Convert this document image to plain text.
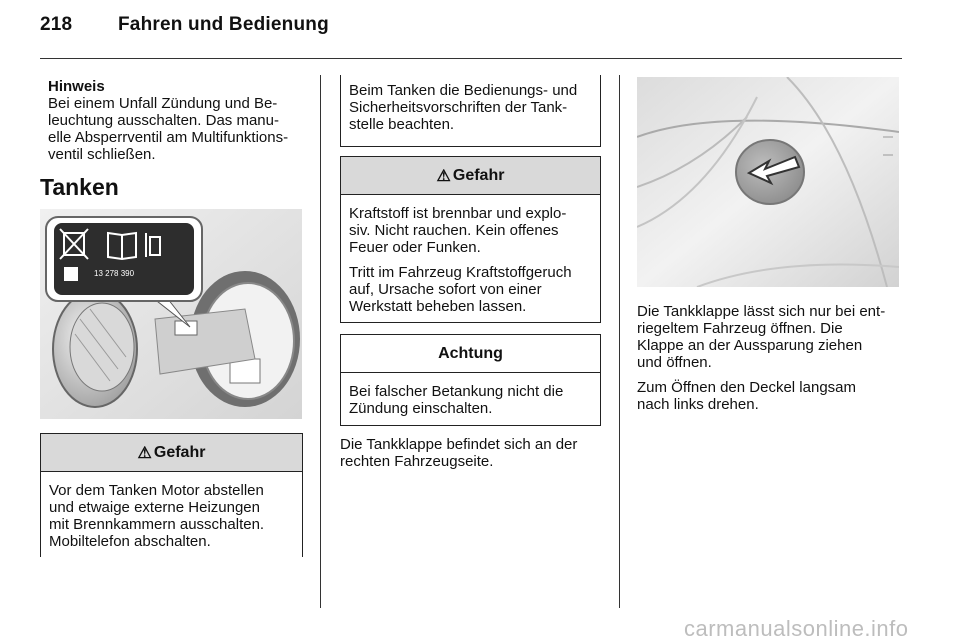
218 Fahren und Bedienung

Hinweis

Bei einem Unfall Zündung und Be-

leuchtung ausschalten. Das manu-

elle Absperrventil am Multifunktions-

ventil schließen.

Tanken
13 278 390
⚠ Gefahr

Vor dem Tanken Motor abstellen
und etwaige externe Heizungen
mit Brennkammern ausschalten.
Mobiltelefon abschalten.

Beim Tanken die Bedienungs- und
Sicherheitsvorschriften der Tank-
stelle beachten.

⚠ Gefahr

Kraftstoff ist brennbar und explo-
siv. Nicht rauchen. Kein offenes
Feuer oder Funken.

Tritt im Fahrzeug Kraftstoffgeruch
auf, Ursache sofort von einer
Werkstatt beheben lassen.

Achtung

Bei falscher Betankung nicht die
Zündung einschalten.

Die Tankklappe befindet sich an der

rechten Fahrzeugseite.

Die Tankklappe lässt sich nur bei ent-

riegeltem Fahrzeug öffnen. Die

Klappe an der Aussparung ziehen

und öffnen.

Zum Öffnen den Deckel langsam

nach links drehen.

carmanualsonline.info
